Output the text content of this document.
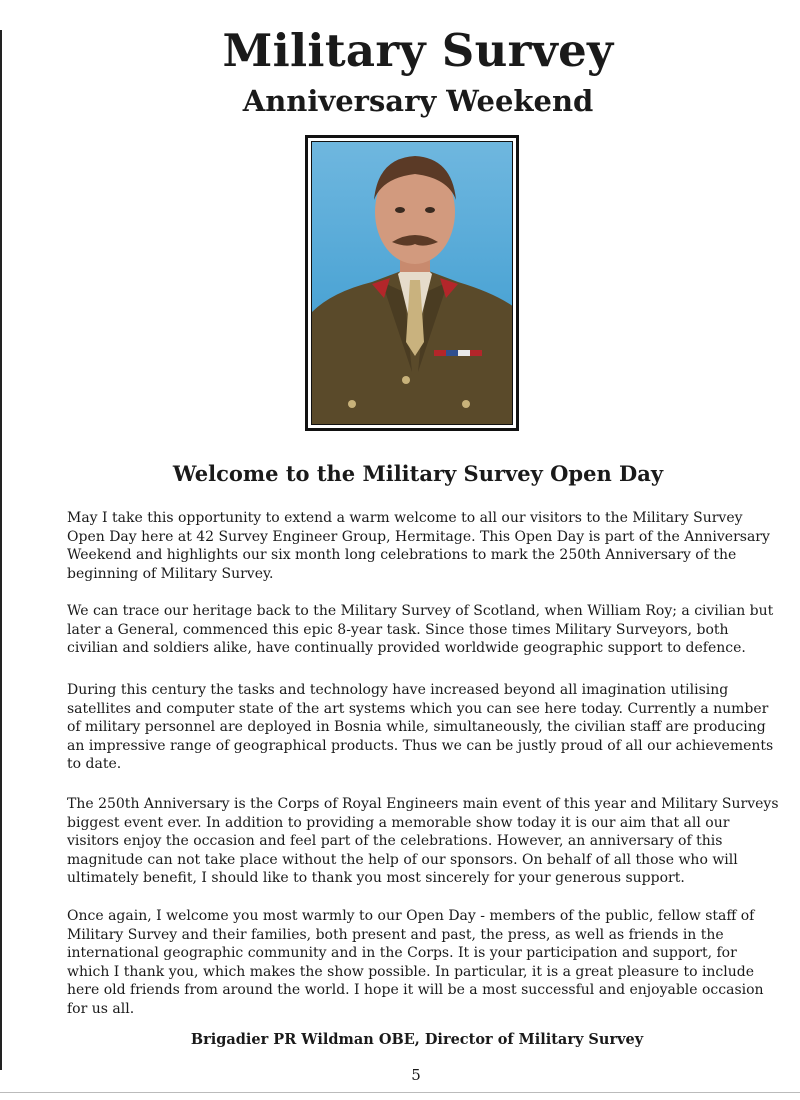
Military Survey
Anniversary Weekend
Welcome to the Military Survey Open Day

May I take this opportunity to extend a warm welcome to all our visitors to the Military Survey Open Day here at 42 Survey Engineer Group, Hermitage. This Open Day is part of the Anniversary Weekend and highlights our six month long celebrations to mark the 250th Anniversary of the beginning of Military Survey.

We can trace our heritage back to the Military Survey of Scotland, when William Roy; a civilian but later a General, commenced this epic 8-year task. Since those times Military Surveyors, both civilian and soldiers alike, have continually provided worldwide geographic support to defence.

During this century the tasks and technology have increased beyond all imagination utilising satellites and computer state of the art systems which you can see here today. Currently a number of military personnel are deployed in Bosnia while, simultaneously, the civilian staff are producing an impressive range of geographical products. Thus we can be justly proud of all our achievements to date.

The 250th Anniversary is the Corps of Royal Engineers main event of this year and Military Surveys biggest event ever. In addition to providing a memorable show today it is our aim that all our visitors enjoy the occasion and feel part of the celebrations. However, an anniversary of this magnitude can not take place without the help of our sponsors. On behalf of all those who will ultimately benefit, I should like to thank you most sincerely for your generous support.

Once again, I welcome you most warmly to our Open Day - members of the public, fellow staff of Military Survey and their families, both present and past, the press, as well as friends in the international geographic community and in the Corps. It is your participation and support, for which I thank you, which makes the show possible. In particular, it is a great pleasure to include here old friends from around the world. I hope it will be a most successful and enjoyable occasion for us all.

Brigadier PR Wildman OBE, Director of Military Survey

5
